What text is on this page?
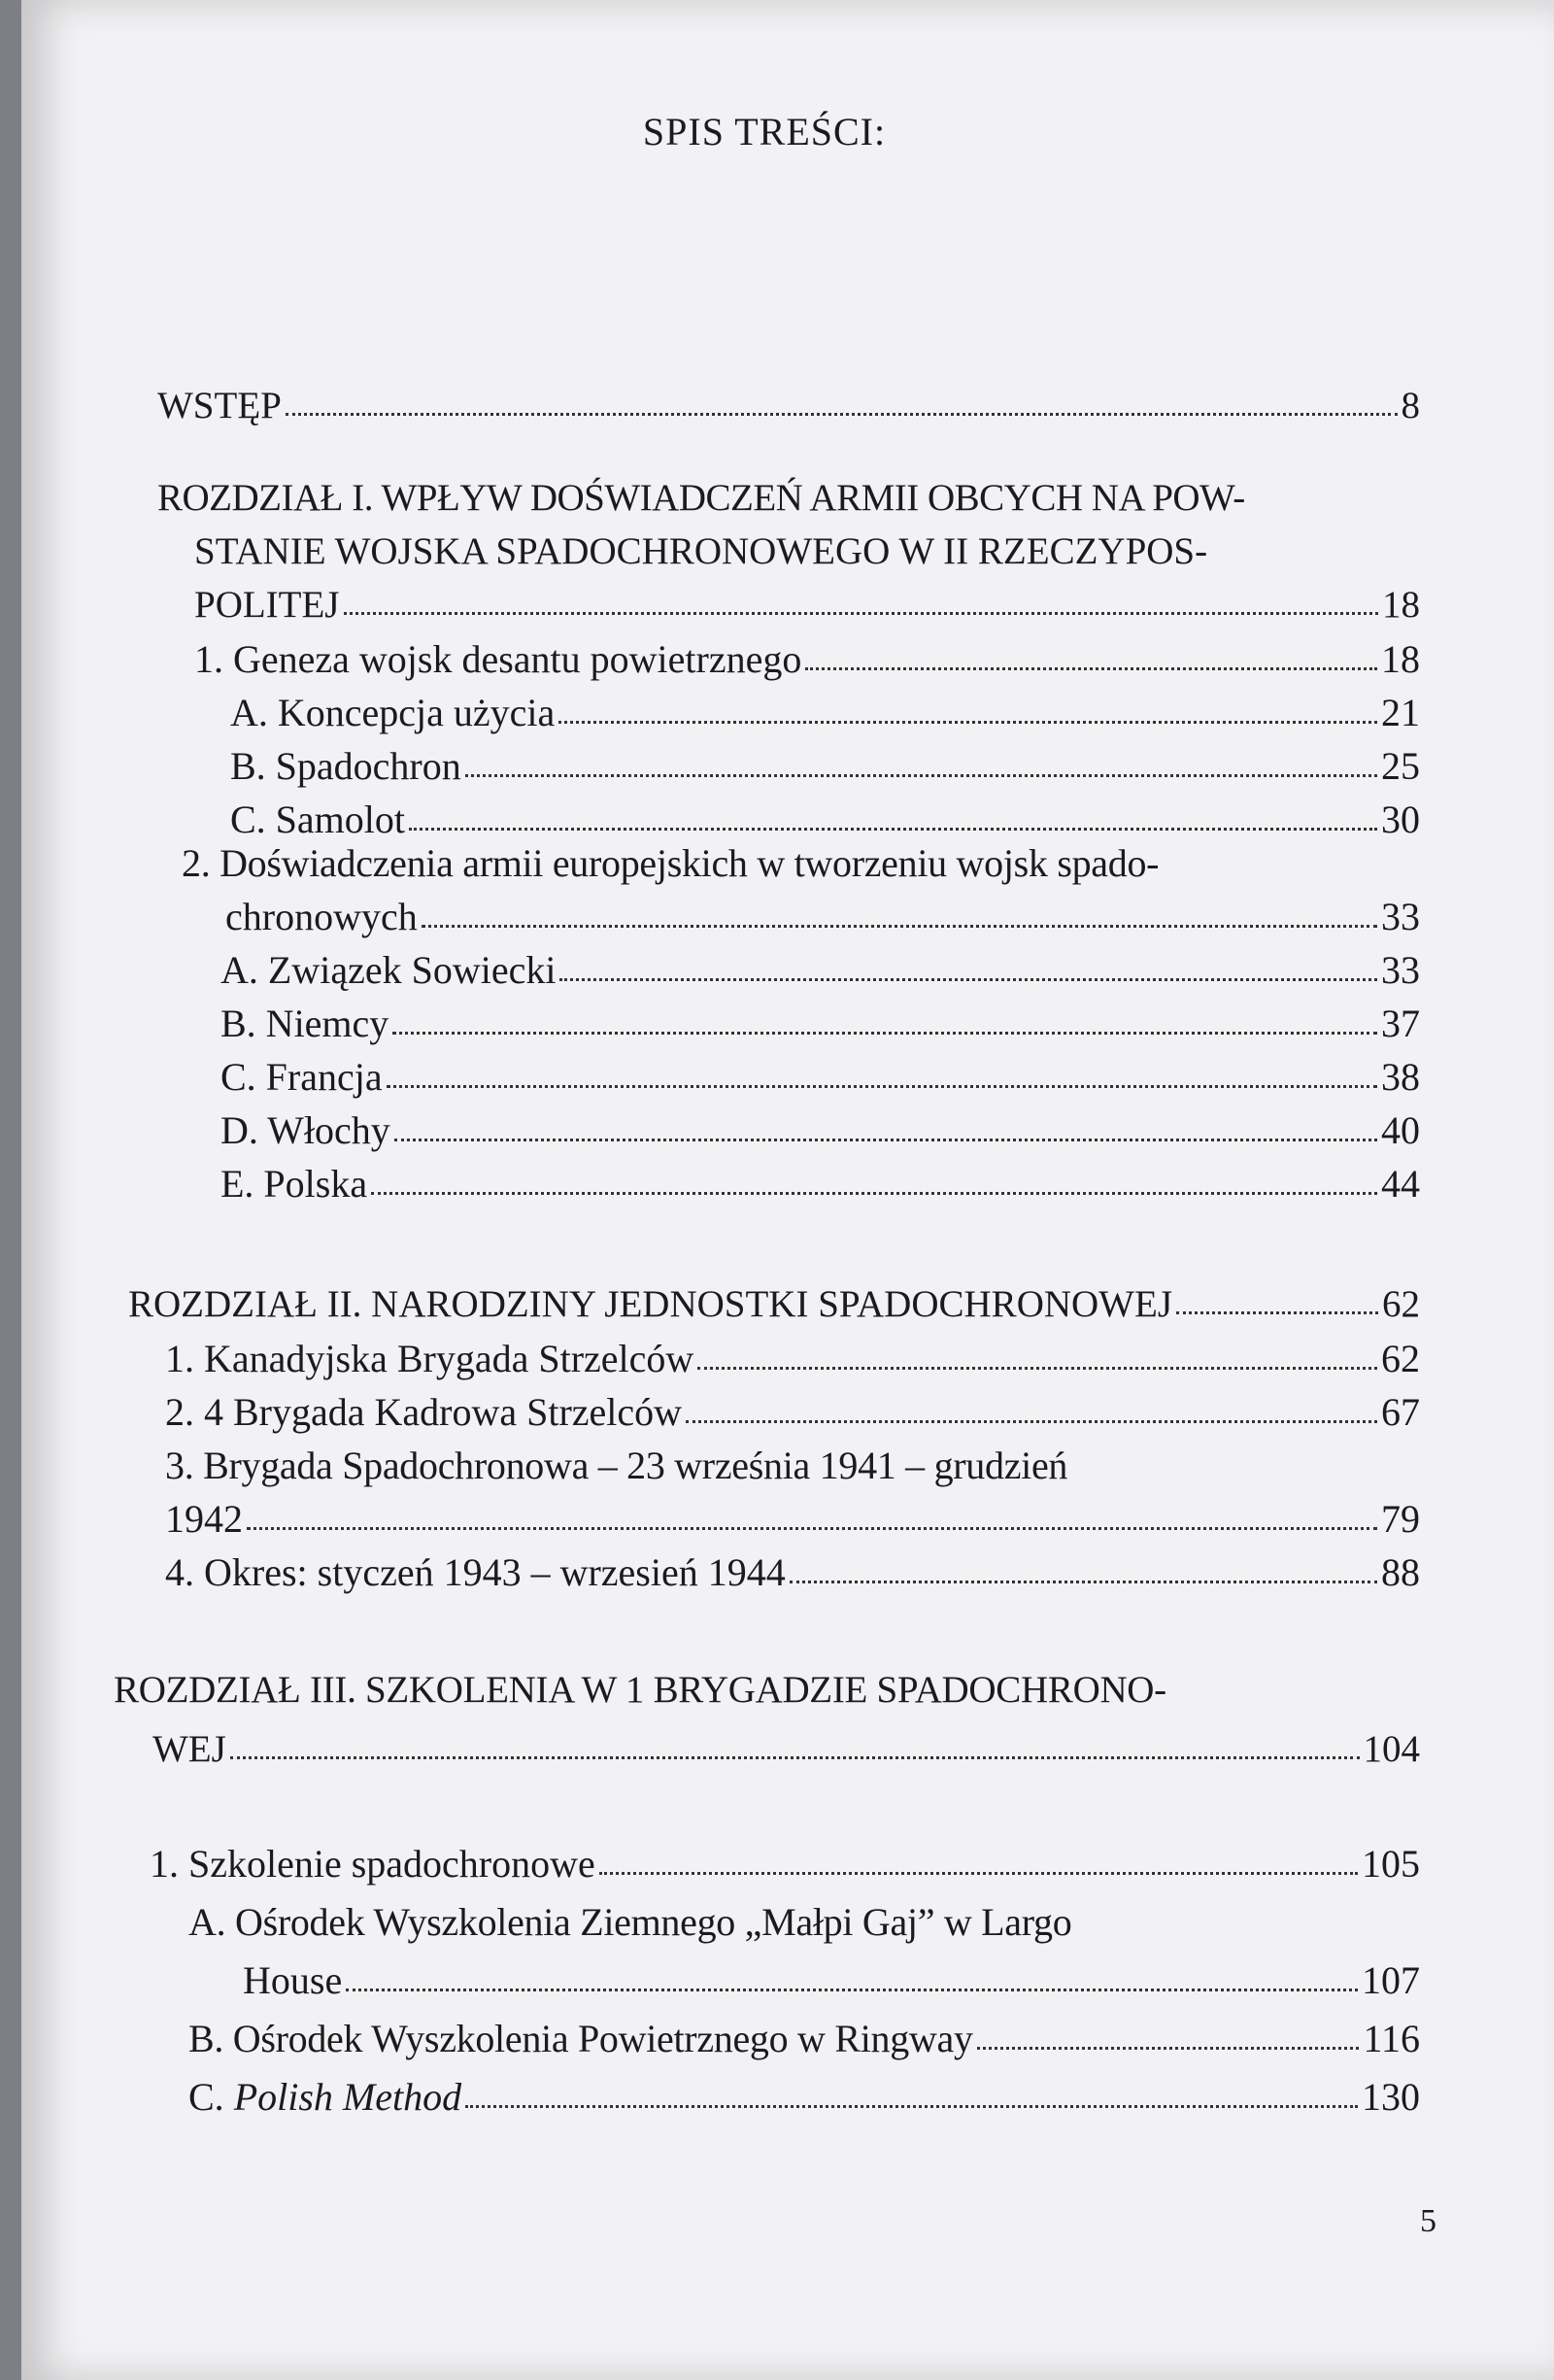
SPIS TREŚCI:
WSTĘP	8
ROZDZIAŁ I. WPŁYW DOŚWIADCZEŃ ARMII OBCYCH NA POW-
STANIE WOJSKA SPADOCHRONOWEGO W II RZECZYPOS-
POLITEJ	18
1. Geneza wojsk desantu powietrznego	18
A. Koncepcja użycia	21
B. Spadochron	25
C. Samolot	30
2. Doświadczenia armii europejskich w tworzeniu wojsk spado-
chronowych	33
A. Związek Sowiecki	33
B. Niemcy	37
C. Francja	38
D. Włochy	40
E. Polska	44
ROZDZIAŁ II. NARODZINY JEDNOSTKI SPADOCHRONOWEJ	62
1. Kanadyjska Brygada Strzelców	62
2. 4 Brygada Kadrowa Strzelców	67
3. Brygada Spadochronowa – 23 września 1941 – grudzień
1942	79
4. Okres: styczeń 1943 – wrzesień 1944	88
ROZDZIAŁ III. SZKOLENIA W 1 BRYGADZIE SPADOCHRONO-
WEJ	104
1. Szkolenie spadochronowe	105
A. Ośrodek Wyszkolenia Ziemnego „Małpi Gaj” w Largo
House	107
B. Ośrodek Wyszkolenia Powietrznego w Ringway	116
C. Polish Method	130
5
